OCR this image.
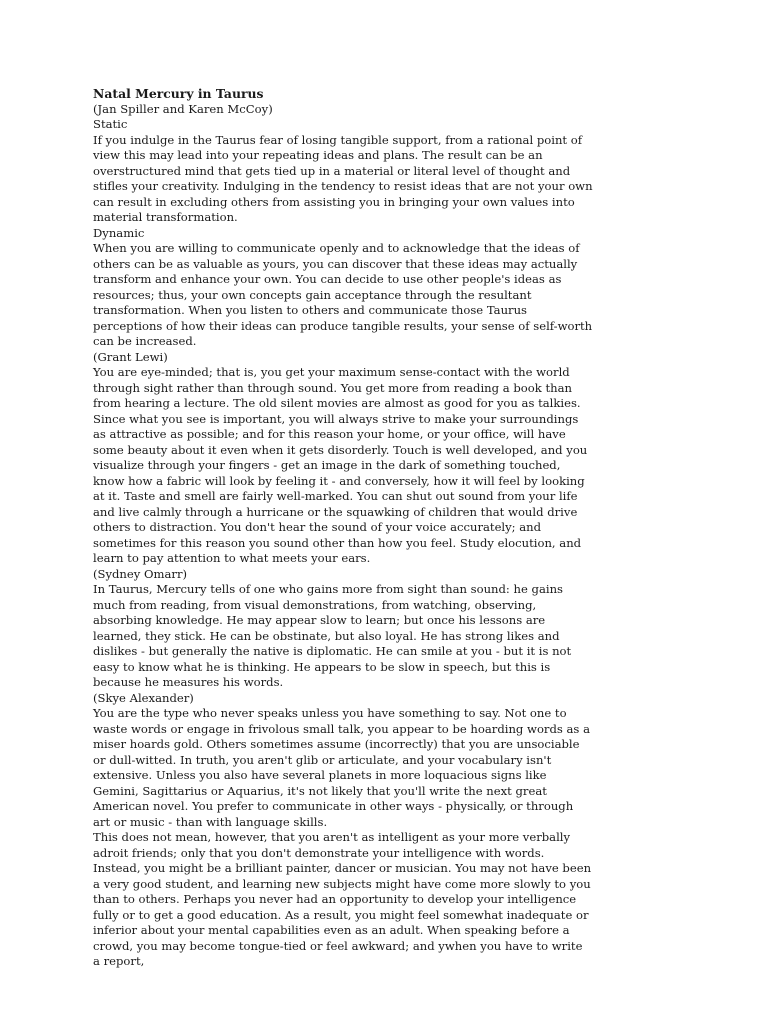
Natal Mercury in Taurus

(Jan Spiller and Karen McCoy)

Static

If you indulge in the Taurus fear of losing tangible support, from a rational point of view this may lead into your repeating ideas and plans. The result can be an overstructured mind that gets tied up in a material or literal level of thought and stifles your creativity. Indulging in the tendency to resist ideas that are not your own can result in excluding others from assisting you in bringing your own values into material transformation.

Dynamic

When you are willing to communicate openly and to acknowledge that the ideas of others can be as valuable as yours, you can discover that these ideas may actually transform and enhance your own. You can decide to use other people's ideas as resources; thus, your own concepts gain acceptance through the resultant transformation. When you listen to others and communicate those Taurus perceptions of how their ideas can produce tangible results, your sense of self-worth can be increased.

(Grant Lewi)

You are eye-minded; that is, you get your maximum sense-contact with the world through sight rather than through sound. You get more from reading a book than from hearing a lecture. The old silent movies are almost as good for you as talkies. Since what you see is important, you will always strive to make your surroundings as attractive as possible; and for this reason your home, or your office, will have some beauty about it even when it gets disorderly. Touch is well developed, and you visualize through your fingers - get an image in the dark of something touched, know how a fabric will look by feeling it - and conversely, how it will feel by looking at it. Taste and smell are fairly well-marked. You can shut out sound from your life and live calmly through a hurricane or the squawking of children that would drive others to distraction. You don't hear the sound of your voice accurately; and sometimes for this reason you sound other than how you feel. Study elocution, and learn to pay attention to what meets your ears.

(Sydney Omarr)

In Taurus, Mercury tells of one who gains more from sight than sound: he gains much from reading, from visual demonstrations, from watching, observing, absorbing knowledge. He may appear slow to learn; but once his lessons are learned, they stick. He can be obstinate, but also loyal. He has strong likes and dislikes - but generally the native is diplomatic. He can smile at you - but it is not easy to know what he is thinking. He appears to be slow in speech, but this is because he measures his words.

(Skye Alexander)

You are the type who never speaks unless you have something to say. Not one to waste words or engage in frivolous small talk, you appear to be hoarding words as a miser hoards gold. Others sometimes assume (incorrectly) that you are unsociable or dull-witted. In truth, you aren't glib or articulate, and your vocabulary isn't extensive. Unless you also have several planets in more loquacious signs like Gemini, Sagittarius or Aquarius, it's not likely that you'll write the next great American novel. You prefer to communicate in other ways - physically, or through art or music - than with language skills.

This does not mean, however, that you aren't as intelligent as your more verbally adroit friends; only that you don't demonstrate your intelligence with words. Instead, you might be a brilliant painter, dancer or musician. You may not have been a very good student, and learning new subjects might have come more slowly to you than to others. Perhaps you never had an opportunity to develop your intelligence fully or to get a good education. As a result, you might feel somewhat inadequate or inferior about your mental capabilities even as an adult. When speaking before a crowd, you may become tongue-tied or feel awkward; and ywhen you have to write a report,
